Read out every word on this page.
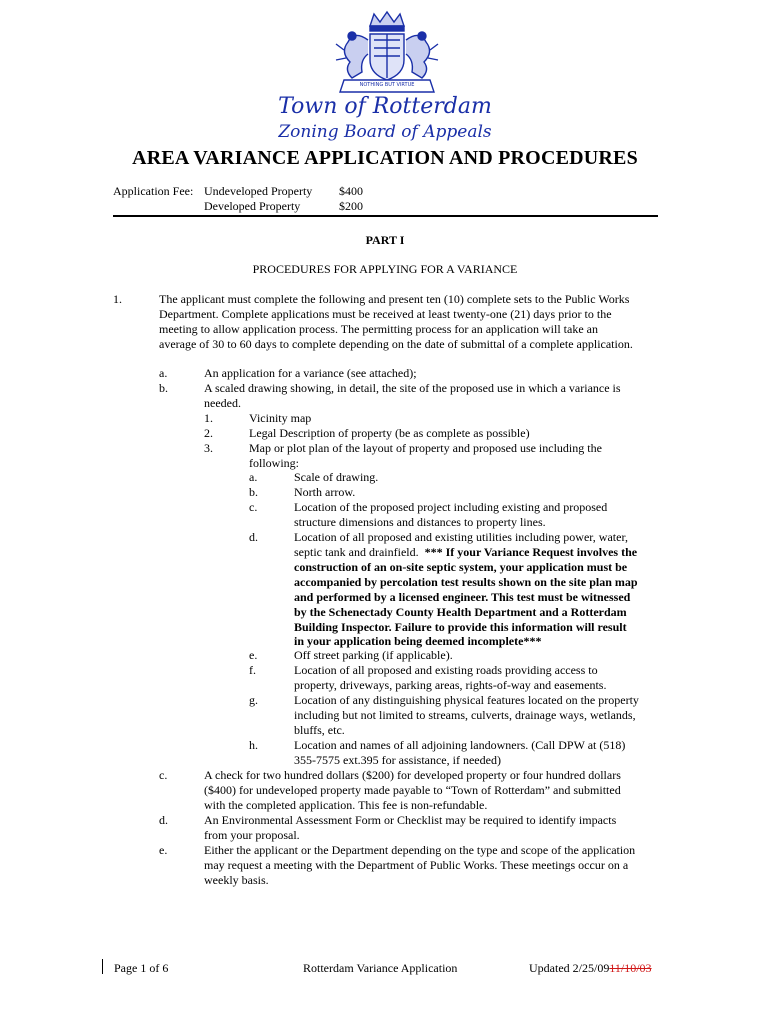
NOTHING BUT VIRTUE
Town of Rotterdam
Zoning Board of Appeals
AREA VARIANCE APPLICATION AND PROCEDURES
Application Fee: Undeveloped Property $400
Developed Property	$200
PART I
PROCEDURES FOR APPLYING FOR A VARIANCE
1.	The applicant must complete the following and present ten (10) complete sets to the Public Works
Department. Complete applications must be received at least twenty-one (21) days prior to the
meeting to allow application process. The permitting process for an application will take an
average of 30 to 60 days to complete depending on the date of submittal of a complete application.
a.	An application for a variance (see attached);
b.	A scaled drawing showing, in detail, the site of the proposed use in which a variance is
needed.
1.	Vicinity map
2.	Legal Description of property (be as complete as possible)
3.	Map or plot plan of the layout of property and proposed use including the
following:
a.	Scale of drawing.
b.	North arrow.
c.	Location of the proposed project including existing and proposed
structure dimensions and distances to property lines.
d.	Location of all proposed and existing utilities including power, water,
septic tank and drainfield. *** If your Variance Request involves the
construction of an on-site septic system, your application must be
accompanied by percolation test results shown on the site plan map
and performed by a licensed engineer. This test must be witnessed
by the Schenectady County Health Department and a Rotterdam
Building Inspector. Failure to provide this information will result
in your application being deemed incomplete***
e.	Off street parking (if applicable).
f.	Location of all proposed and existing roads providing access to
property, driveways, parking areas, rights-of-way and easements.
g.	Location of any distinguishing physical features located on the property
including but not limited to streams, culverts, drainage ways, wetlands,
bluffs, etc.
h.	Location and names of all adjoining landowners. (Call DPW at (518)
355-7575 ext.395 for assistance, if needed)
c.	A check for two hundred dollars ($200) for developed property or four hundred dollars
($400) for undeveloped property made payable to “Town of Rotterdam” and submitted
with the completed application. This fee is non-refundable.
d.	An Environmental Assessment Form or Checklist may be required to identify impacts
from your proposal.
e.	Either the applicant or the Department depending on the type and scope of the application
may request a meeting with the Department of Public Works. These meetings occur on a
weekly basis.
Page 1 of 6	Rotterdam Variance Application	Updated 2/25/0911/10/03
